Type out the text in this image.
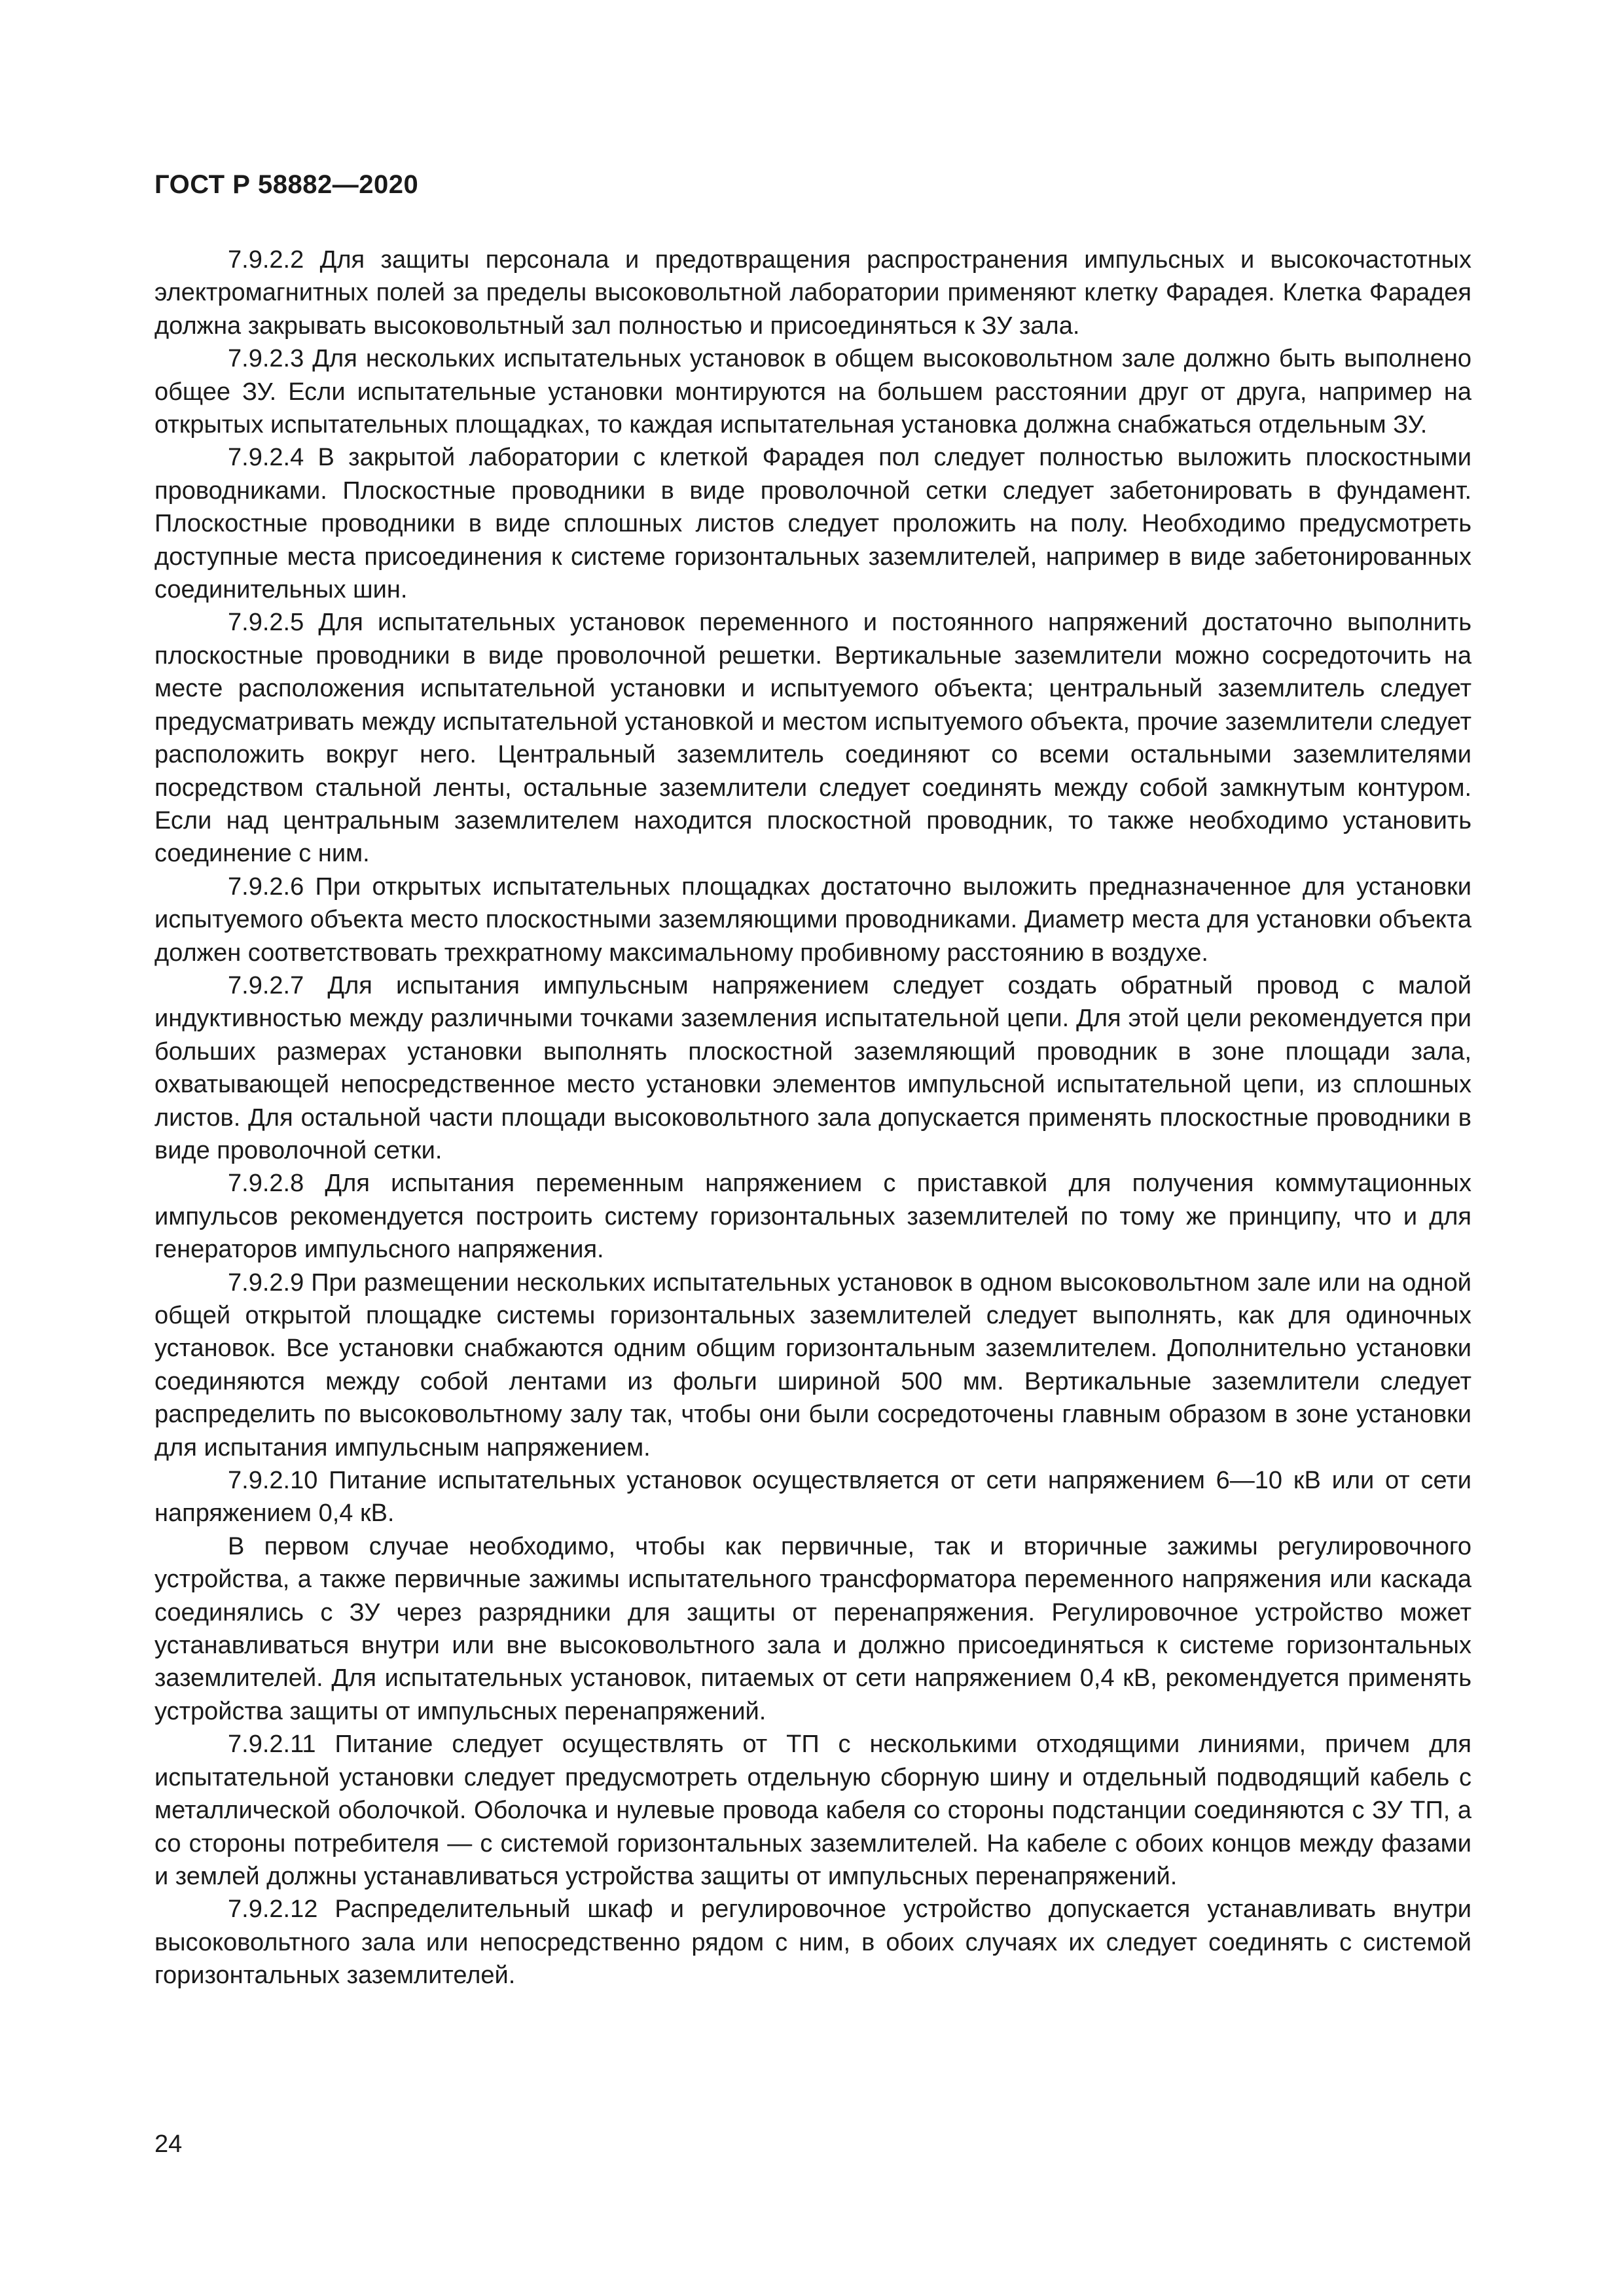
ГОСТ Р 58882—2020

7.9.2.2 Для защиты персонала и предотвращения распространения импульсных и высокочастотных электромагнитных полей за пределы высоковольтной лаборатории применяют клетку Фарадея. Клетка Фарадея должна закрывать высоковольтный зал полностью и присоединяться к ЗУ зала.

7.9.2.3 Для нескольких испытательных установок в общем высоковольтном зале должно быть выполнено общее ЗУ. Если испытательные установки монтируются на большем расстоянии друг от друга, например на открытых испытательных площадках, то каждая испытательная установка должна снабжаться отдельным ЗУ.

7.9.2.4 В закрытой лаборатории с клеткой Фарадея пол следует полностью выложить плоскостными проводниками. Плоскостные проводники в виде проволочной сетки следует забетонировать в фундамент. Плоскостные проводники в виде сплошных листов следует проложить на полу. Необходимо предусмотреть доступные места присоединения к системе горизонтальных заземлителей, например в виде забетонированных соединительных шин.

7.9.2.5 Для испытательных установок переменного и постоянного напряжений достаточно выполнить плоскостные проводники в виде проволочной решетки. Вертикальные заземлители можно сосредоточить на месте расположения испытательной установки и испытуемого объекта; центральный заземлитель следует предусматривать между испытательной установкой и местом испытуемого объекта, прочие заземлители следует расположить вокруг него. Центральный заземлитель соединяют со всеми остальными заземлителями посредством стальной ленты, остальные заземлители следует соединять между собой замкнутым контуром. Если над центральным заземлителем находится плоскостной проводник, то также необходимо установить соединение с ним.

7.9.2.6 При открытых испытательных площадках достаточно выложить предназначенное для установки испытуемого объекта место плоскостными заземляющими проводниками. Диаметр места для установки объекта должен соответствовать трехкратному максимальному пробивному расстоянию в воздухе.

7.9.2.7 Для испытания импульсным напряжением следует создать обратный провод с малой индуктивностью между различными точками заземления испытательной цепи. Для этой цели рекомендуется при больших размерах установки выполнять плоскостной заземляющий проводник в зоне площади зала, охватывающей непосредственное место установки элементов импульсной испытательной цепи, из сплошных листов. Для остальной части площади высоковольтного зала допускается применять плоскостные проводники в виде проволочной сетки.

7.9.2.8 Для испытания переменным напряжением с приставкой для получения коммутационных импульсов рекомендуется построить систему горизонтальных заземлителей по тому же принципу, что и для генераторов импульсного напряжения.

7.9.2.9 При размещении нескольких испытательных установок в одном высоковольтном зале или на одной общей открытой площадке системы горизонтальных заземлителей следует выполнять, как для одиночных установок. Все установки снабжаются одним общим горизонтальным заземлителем. Дополнительно установки соединяются между собой лентами из фольги шириной 500 мм. Вертикальные заземлители следует распределить по высоковольтному залу так, чтобы они были сосредоточены главным образом в зоне установки для испытания импульсным напряжением.

7.9.2.10 Питание испытательных установок осуществляется от сети напряжением 6—10 кВ или от сети напряжением 0,4 кВ.

В первом случае необходимо, чтобы как первичные, так и вторичные зажимы регулировочного устройства, а также первичные зажимы испытательного трансформатора переменного напряжения или каскада соединялись с ЗУ через разрядники для защиты от перенапряжения. Регулировочное устройство может устанавливаться внутри или вне высоковольтного зала и должно присоединяться к системе горизонтальных заземлителей. Для испытательных установок, питаемых от сети напряжением 0,4 кВ, рекомендуется применять устройства защиты от импульсных перенапряжений.

7.9.2.11 Питание следует осуществлять от ТП с несколькими отходящими линиями, причем для испытательной установки следует предусмотреть отдельную сборную шину и отдельный подводящий кабель с металлической оболочкой. Оболочка и нулевые провода кабеля со стороны подстанции соединяются с ЗУ ТП, а со стороны потребителя — с системой горизонтальных заземлителей. На кабеле с обоих концов между фазами и землей должны устанавливаться устройства защиты от импульсных перенапряжений.

7.9.2.12 Распределительный шкаф и регулировочное устройство допускается устанавливать внутри высоковольтного зала или непосредственно рядом с ним, в обоих случаях их следует соединять с системой горизонтальных заземлителей.

24
